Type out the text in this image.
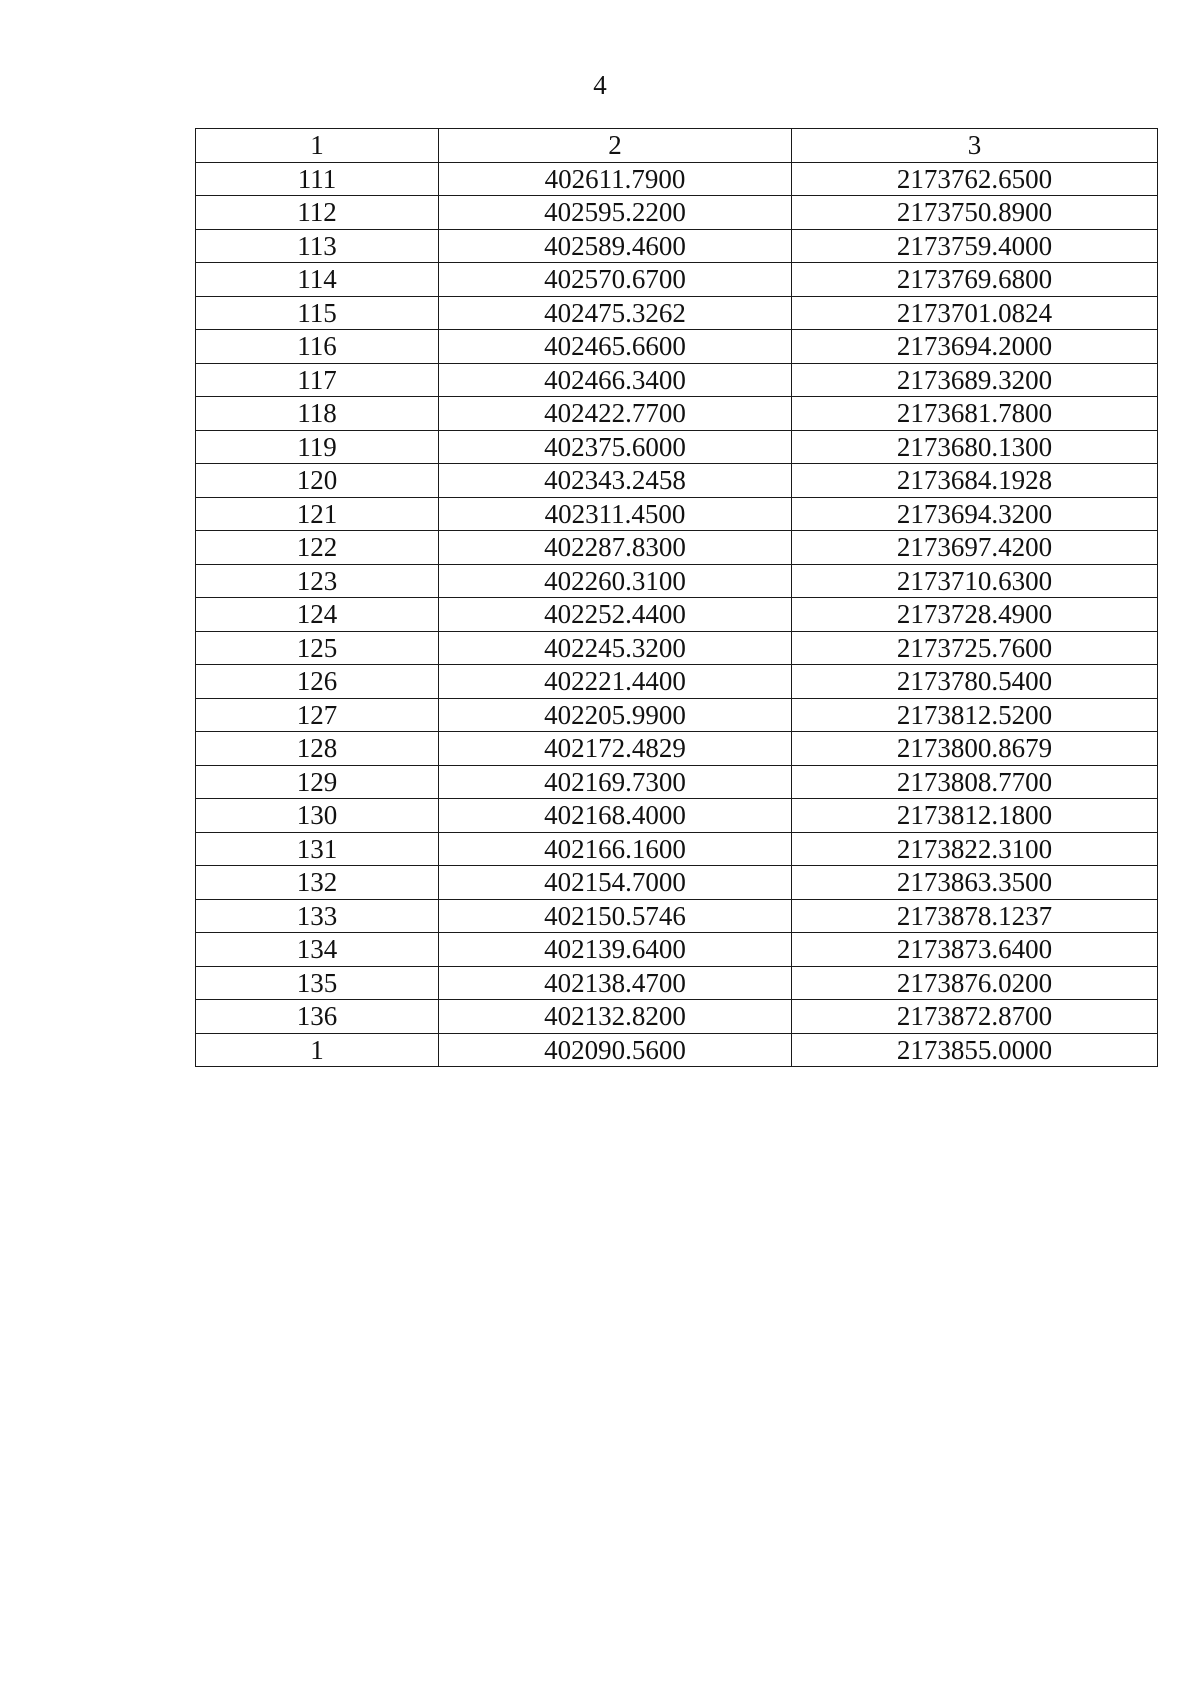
4
1	2	3
111	402611.7900	2173762.6500
112	402595.2200	2173750.8900
113	402589.4600	2173759.4000
114	402570.6700	2173769.6800
115	402475.3262	2173701.0824
116	402465.6600	2173694.2000
117	402466.3400	2173689.3200
118	402422.7700	2173681.7800
119	402375.6000	2173680.1300
120	402343.2458	2173684.1928
121	402311.4500	2173694.3200
122	402287.8300	2173697.4200
123	402260.3100	2173710.6300
124	402252.4400	2173728.4900
125	402245.3200	2173725.7600
126	402221.4400	2173780.5400
127	402205.9900	2173812.5200
128	402172.4829	2173800.8679
129	402169.7300	2173808.7700
130	402168.4000	2173812.1800
131	402166.1600	2173822.3100
132	402154.7000	2173863.3500
133	402150.5746	2173878.1237
134	402139.6400	2173873.6400
135	402138.4700	2173876.0200
136	402132.8200	2173872.8700
1	402090.5600	2173855.0000
